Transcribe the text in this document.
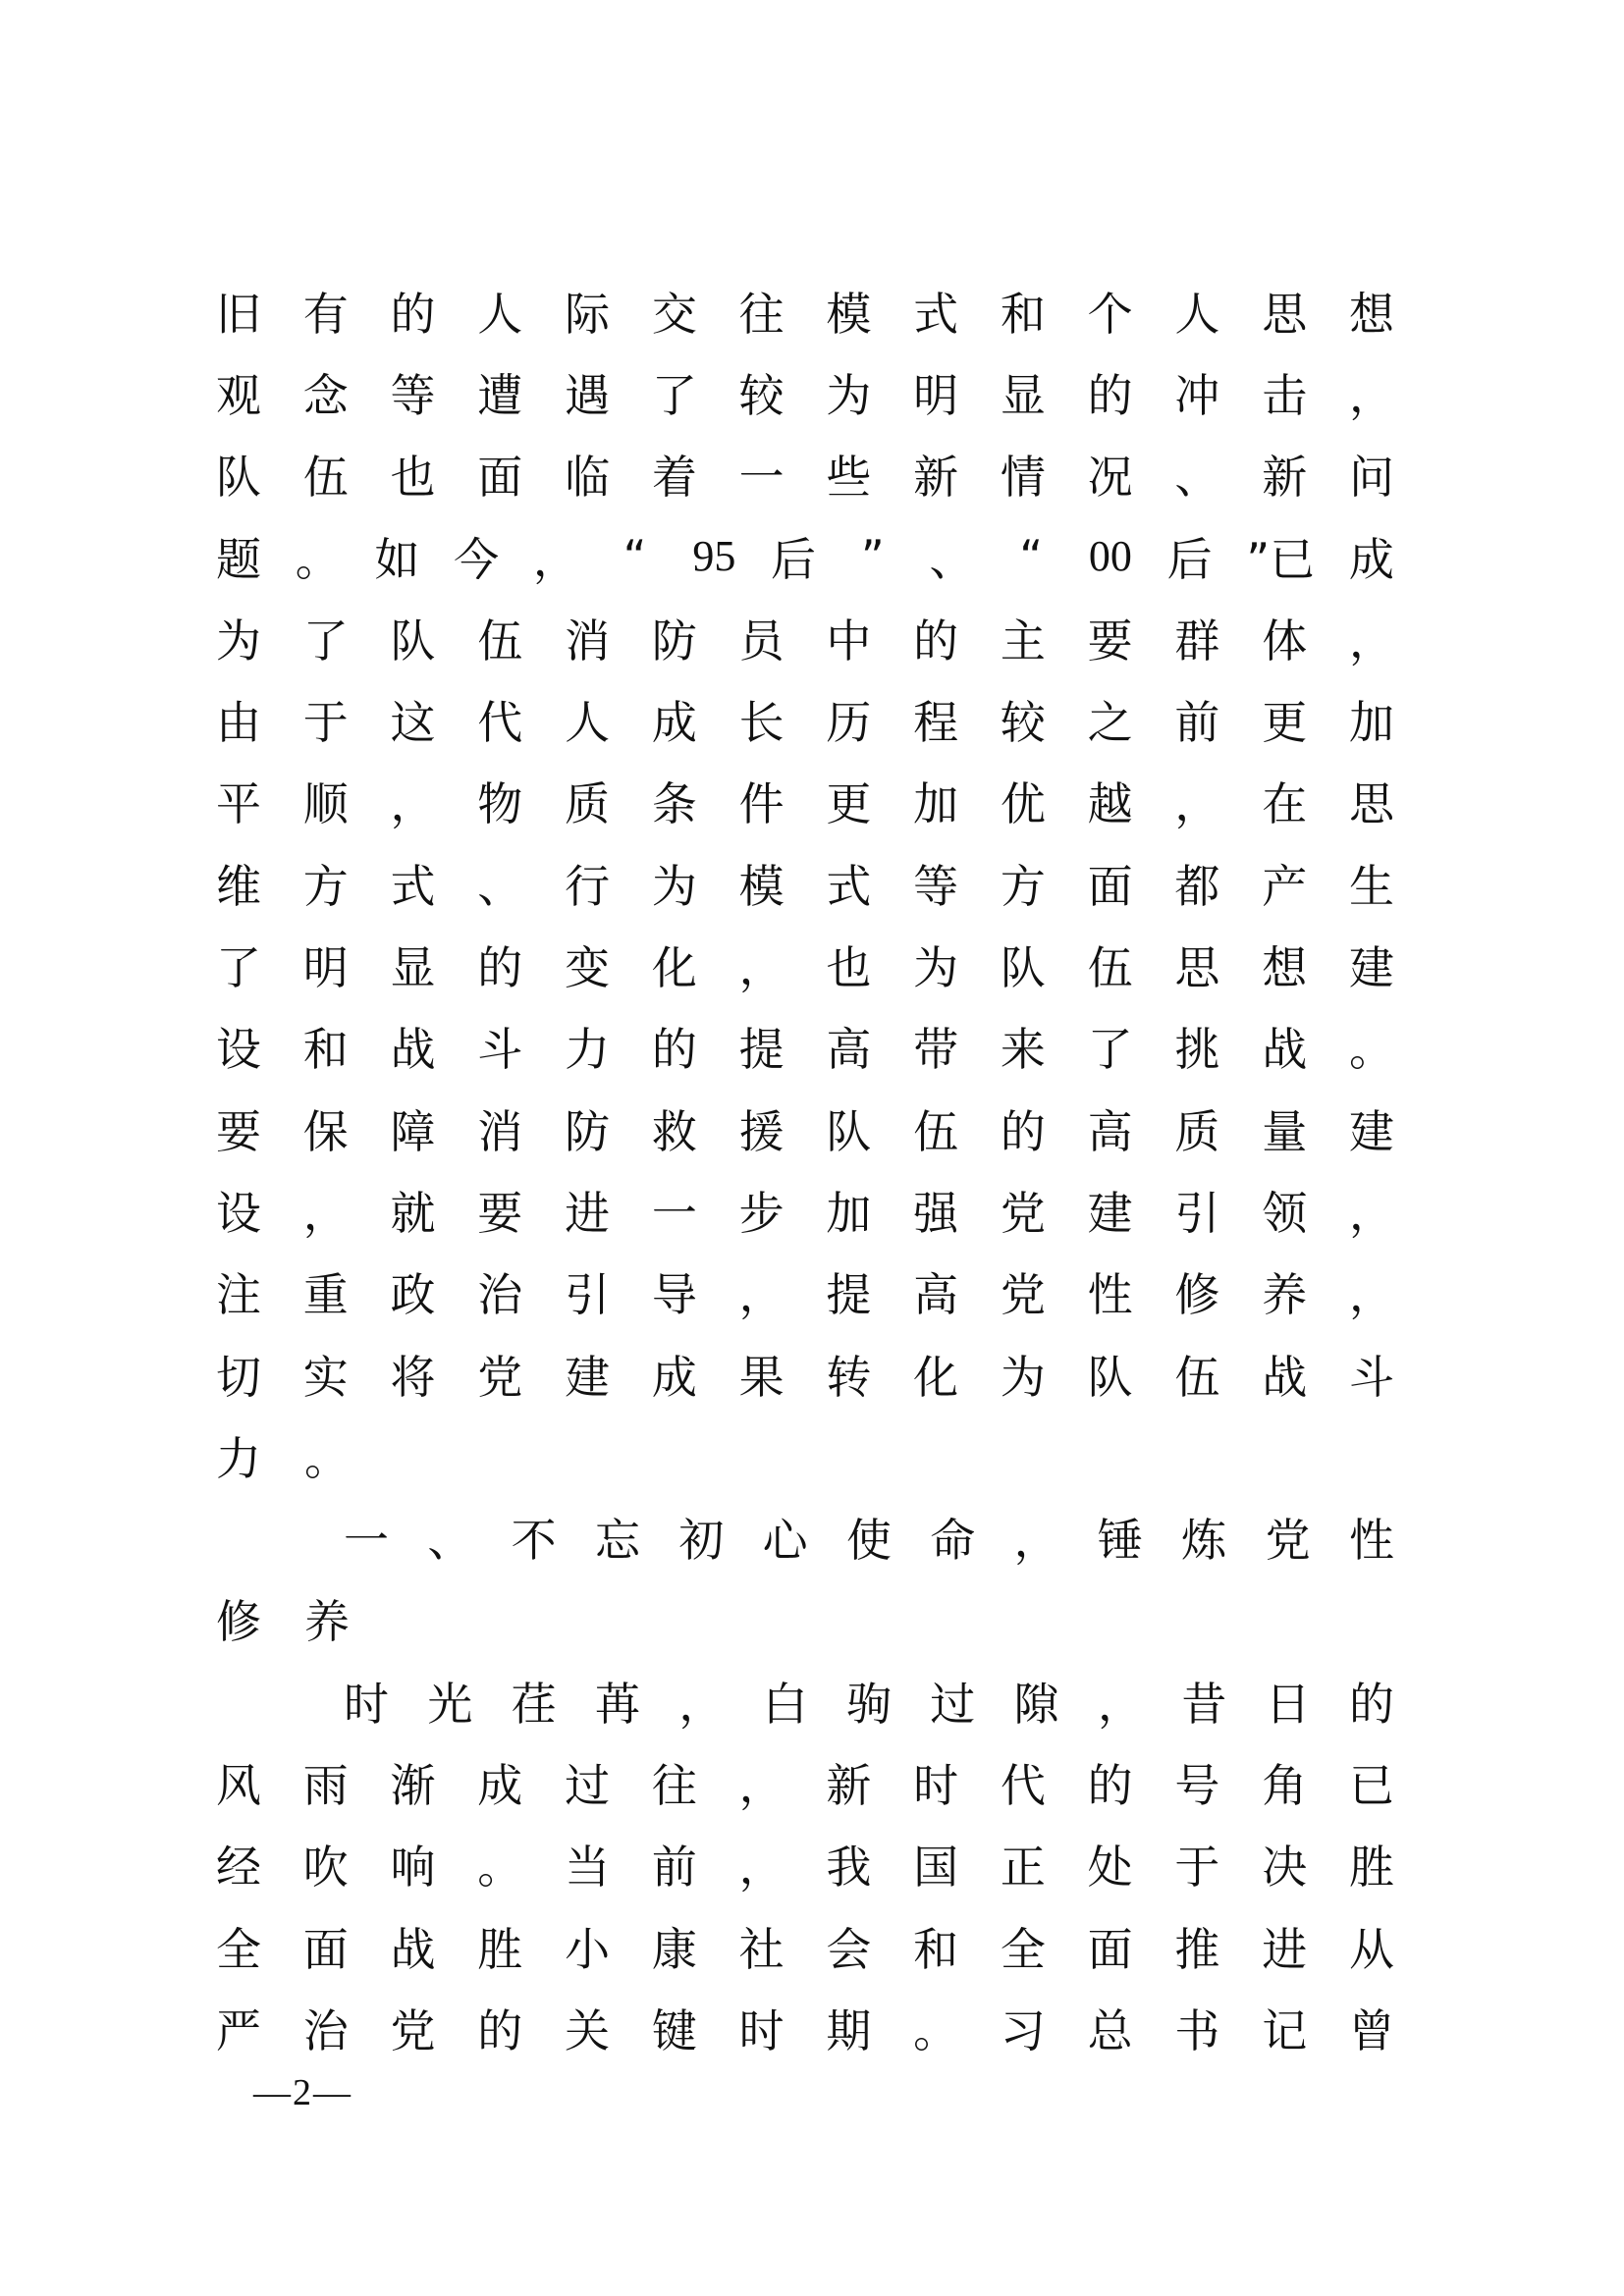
旧 有 的 人 际 交 往 模 式 和 个 人 思 想
观 念 等 遭 遇 了 较 为 明 显 的 冲 击 ，
队 伍 也 面 临 着 一 些 新 情 况 、 新 问
题 。 如 今 ， “ 95 后 ” 、 “ 00 后 ”已 成
为 了 队 伍 消 防 员 中 的 主 要 群 体 ，
由 于 这 代 人 成 长 历 程 较 之 前 更 加
平 顺 ， 物 质 条 件 更 加 优 越 ， 在 思
维 方 式 、 行 为 模 式 等 方 面 都 产 生
了 明 显 的 变 化 ， 也 为 队 伍 思 想 建
设 和 战 斗 力 的 提 高 带 来 了 挑 战 。
要 保 障 消 防 救 援 队 伍 的 高 质 量 建
设 ， 就 要 进 一 步 加 强 党 建 引 领 ，
注 重 政 治 引 导 ， 提 高 党 性 修 养 ，
切 实 将 党 建 成 果 转 化 为 队 伍 战 斗
力 。
一 、 不 忘 初 心 使 命 ， 锤 炼 党 性
修 养
时 光 荏 苒 ， 白 驹 过 隙 ， 昔 日 的
风 雨 渐 成 过 往 ， 新 时 代 的 号 角 已
经 吹 响 。 当 前 ， 我 国 正 处 于 决 胜
全 面 战 胜 小 康 社 会 和 全 面 推 进 从
严 治 党 的 关 键 时 期 。 习 总 书 记 曾
—2—
